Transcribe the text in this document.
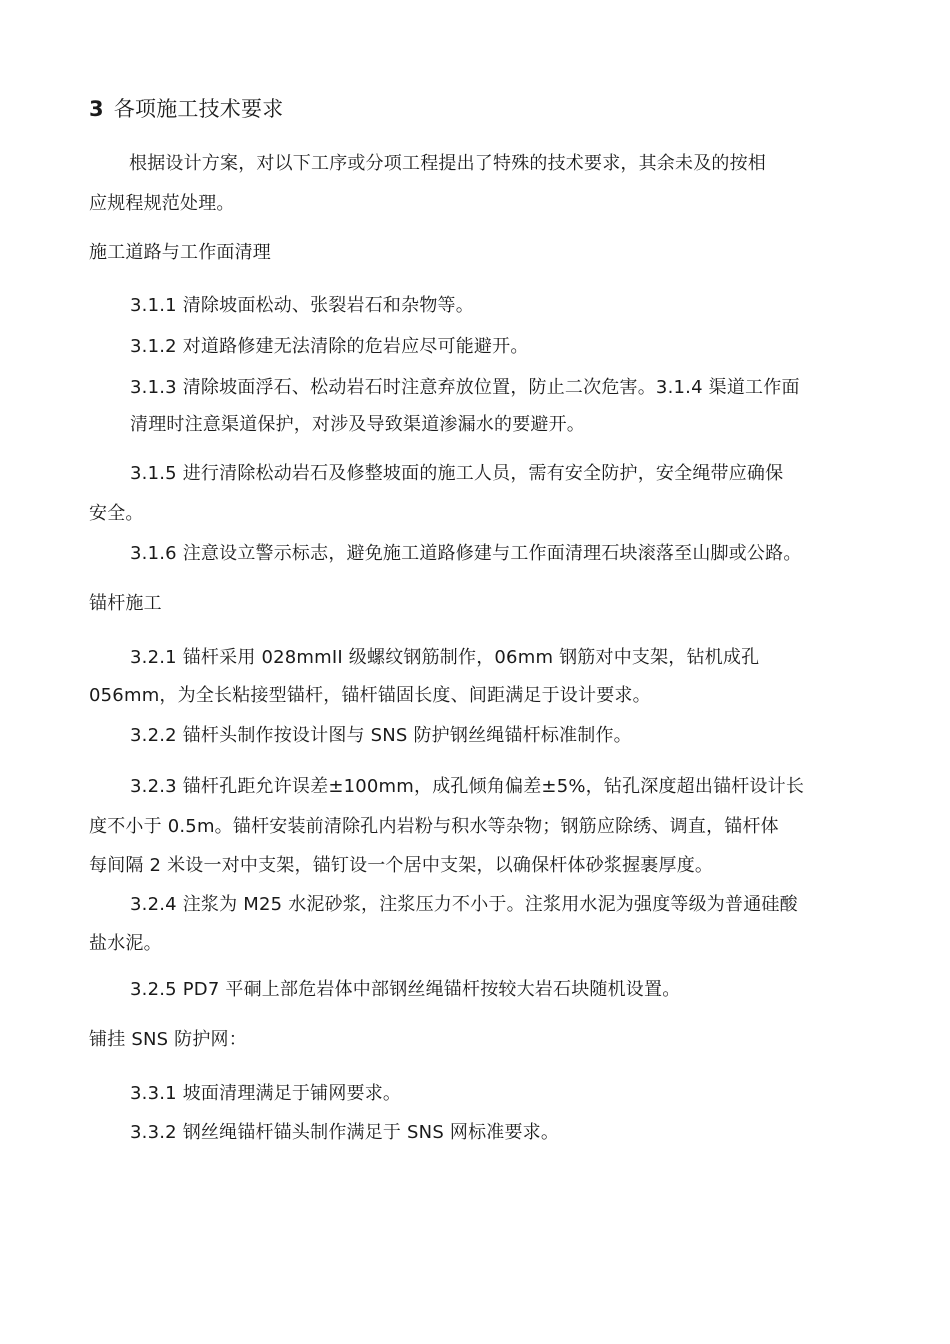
3 各项施工技术要求
根据设计方案，对以下工序或分项工程提出了特殊的技术要求，其余未及的按相
应规程规范处理。
施工道路与工作面清理
3.1.1 清除坡面松动、张裂岩石和杂物等。
3.1.2 对道路修建无法清除的危岩应尽可能避开。
3.1.3 清除坡面浮石、松动岩石时注意弃放位置，防止二次危害。3.1.4 渠道工作面
清理时注意渠道保护，对涉及导致渠道渗漏水的要避开。
3.1.5 进行清除松动岩石及修整坡面的施工人员，需有安全防护，安全绳带应确保
安全。
3.1.6 注意设立警示标志，避免施工道路修建与工作面清理石块滚落至山脚或公路。
锚杆施工
3.2.1 锚杆采用 028mmII 级螺纹钢筋制作，06mm 钢筋对中支架，钻机成孔
056mm，为全长粘接型锚杆，锚杆锚固长度、间距满足于设计要求。
3.2.2 锚杆头制作按设计图与 SNS 防护钢丝绳锚杆标准制作。
3.2.3 锚杆孔距允许误差±100mm，成孔倾角偏差±5%，钻孔深度超出锚杆设计长
度不小于 0.5m。锚杆安装前清除孔内岩粉与积水等杂物；钢筋应除绣、调直，锚杆体
每间隔 2 米设一对中支架，锚钉设一个居中支架，以确保杆体砂浆握裹厚度。
3.2.4 注浆为 M25 水泥砂浆，注浆压力不小于。注浆用水泥为强度等级为普通硅酸
盐水泥。
3.2.5 PD7 平硐上部危岩体中部钢丝绳锚杆按较大岩石块随机设置。
铺挂 SNS 防护网：
3.3.1 坡面清理满足于铺网要求。
3.3.2 钢丝绳锚杆锚头制作满足于 SNS 网标准要求。
